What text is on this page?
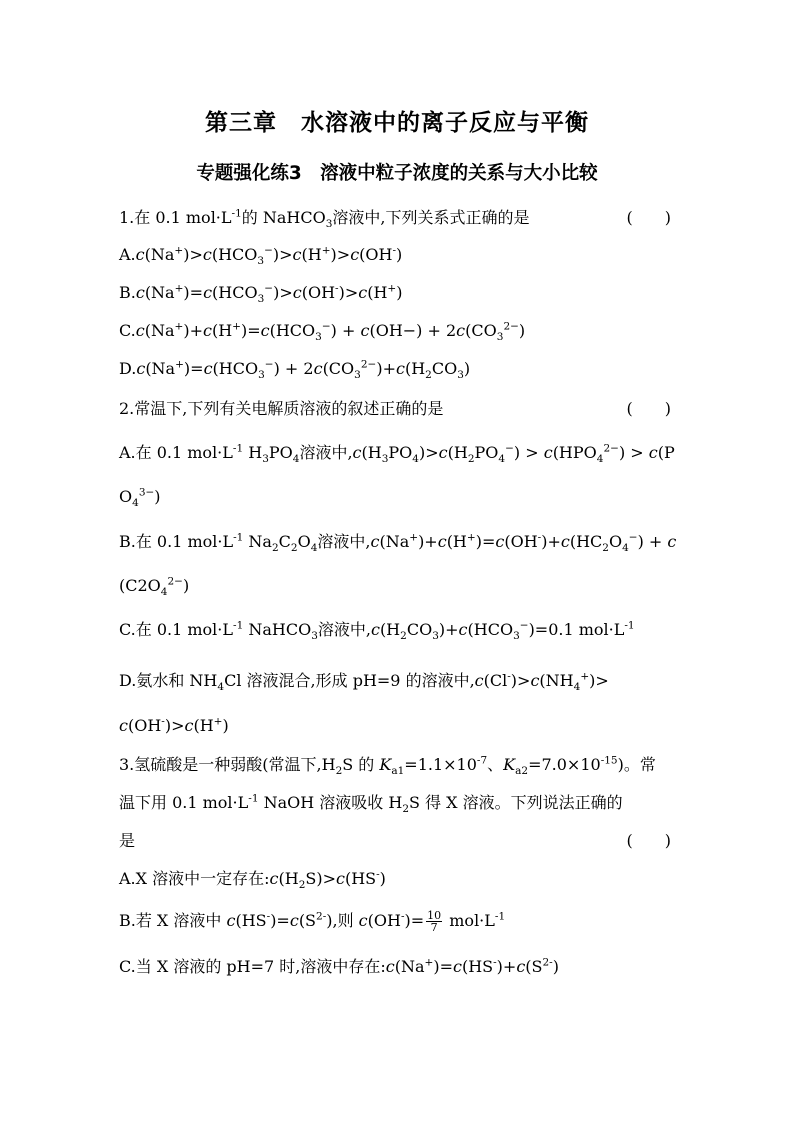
第三章　水溶液中的离子反应与平衡
专题强化练3　溶液中粒子浓度的关系与大小比较
1.在 0.1 $mol\cdot L^{-1}$的 NaHCO$_3$溶液中,下列关系式正确的是	(　　)
$A.c(Na^+)>c(HCO_3^-)>c(H^+)>c(OH^-)$
$B.c(Na^+)=c(HCO_3^-)>c(OH^-)>c(H^+)$
$C.c(Na^+)+c(H^+)=c(HCO_3^-) + c(OH-) + 2c(CO_3^{2-})$
$D.c(Na^+)=c(HCO_3^-) + 2c(CO_3^{2-})+c(H_2CO_3)$
2.常温下,下列有关电解质溶液的叙述正确的是	(　　)
A.在 0.1 $mol\cdot L^{-1}$ $H_3PO_4$溶液中$,c(H_3PO_4)>c(H_2PO_4^-) > c(HPO_4^{2-}) > c(P$
$O_4^{3-}$)
B.在 0.1 $mol\cdot L^{-1}$ $Na_2C_2O_4$溶液中$,c(Na^+)+c(H^+)=c(OH^-)+c(HC_2O_4^-) + c$
$(C2O_4^{2-})$
C.在 0.1 $mol\cdot L^{-1}$ NaHCO$_3$溶液中$,c(H_2CO_3)+c(HCO_3^-)=0.1$ $mol\cdot L^{-1}$
D.氨水和 $NH_4Cl$ 溶液混合,形成 pH=9 的溶液中$,c(Cl^-)>c(NH_4^+)>$
c(OH-)>c(H+)
3.氢硫酸是一种弱酸(常温下$,H_2S$ 的 $K_{a1}=1.1\times 10^{-7}$、$K_{a2}=7.0\times 10^{-15}$)。常
温下用 0.1 $mol\cdot L^{-1}$ NaOH 溶液吸收 $H_2S$ 得 X 溶液。下列说法正确的
是	(　　)
A.X 溶液中一定存在$:c(H_2S)>c(HS^-)$
B.若 X 溶液中 $c(HS^-)=c(S^{2-})$,则 $c(OH^-)= \frac{10}{7} mol\cdot L^{-1}$
C.当 X 溶液的 pH=7 时,溶液中存在$:c(Na^+)=c(HS^-)+c(S^{2-})$
